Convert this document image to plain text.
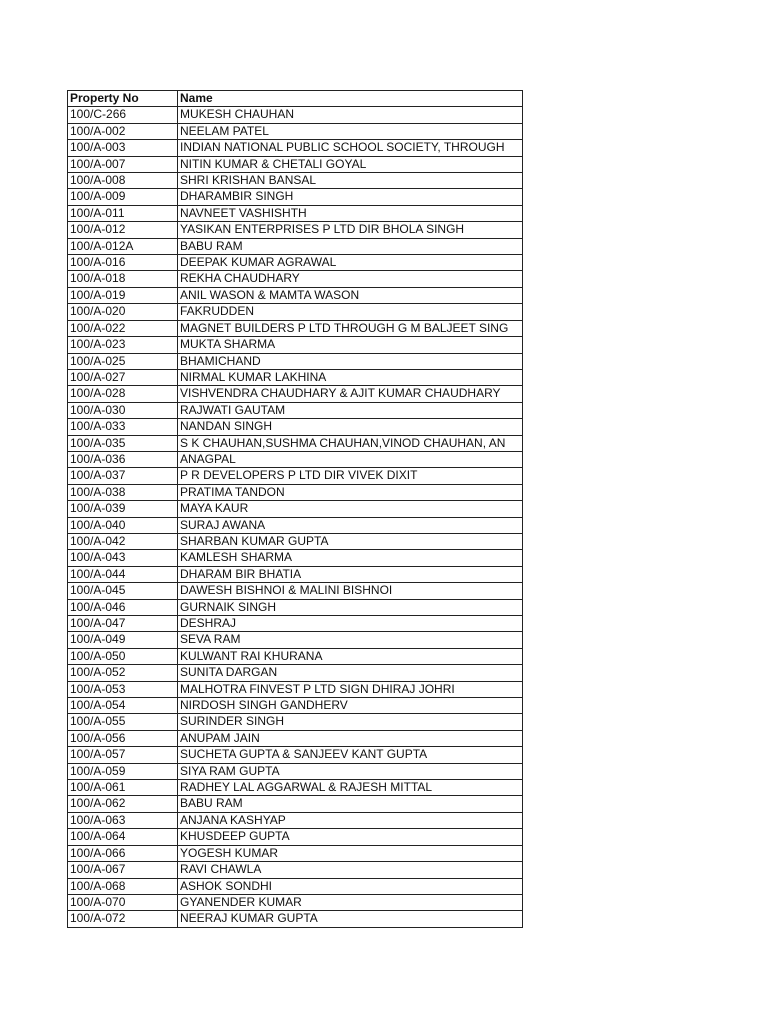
Property No	Name
100/C-266	MUKESH CHAUHAN
100/A-002	NEELAM PATEL
100/A-003	INDIAN NATIONAL PUBLIC SCHOOL SOCIETY, THROUGH
100/A-007	NITIN KUMAR & CHETALI GOYAL
100/A-008	SHRI KRISHAN BANSAL
100/A-009	DHARAMBIR SINGH
100/A-011	NAVNEET VASHISHTH
100/A-012	YASIKAN ENTERPRISES P LTD DIR BHOLA SINGH
100/A-012A	BABU RAM
100/A-016	DEEPAK KUMAR AGRAWAL
100/A-018	REKHA CHAUDHARY
100/A-019	ANIL WASON & MAMTA WASON
100/A-020	FAKRUDDEN
100/A-022	MAGNET BUILDERS P LTD THROUGH G M BALJEET SING
100/A-023	MUKTA SHARMA
100/A-025	BHAMICHAND
100/A-027	NIRMAL KUMAR LAKHINA
100/A-028	VISHVENDRA CHAUDHARY & AJIT KUMAR CHAUDHARY
100/A-030	RAJWATI GAUTAM
100/A-033	NANDAN SINGH
100/A-035	S K CHAUHAN,SUSHMA CHAUHAN,VINOD CHAUHAN, AN
100/A-036	ANAGPAL
100/A-037	P R DEVELOPERS P LTD DIR VIVEK DIXIT
100/A-038	PRATIMA TANDON
100/A-039	MAYA KAUR
100/A-040	SURAJ AWANA
100/A-042	SHARBAN KUMAR GUPTA
100/A-043	KAMLESH SHARMA
100/A-044	DHARAM BIR BHATIA
100/A-045	DAWESH BISHNOI & MALINI BISHNOI
100/A-046	GURNAIK SINGH
100/A-047	DESHRAJ
100/A-049	SEVA RAM
100/A-050	KULWANT RAI KHURANA
100/A-052	SUNITA DARGAN
100/A-053	MALHOTRA FINVEST P LTD SIGN DHIRAJ JOHRI
100/A-054	NIRDOSH SINGH GANDHERV
100/A-055	SURINDER SINGH
100/A-056	ANUPAM JAIN
100/A-057	SUCHETA GUPTA & SANJEEV KANT GUPTA
100/A-059	SIYA RAM GUPTA
100/A-061	RADHEY LAL AGGARWAL & RAJESH MITTAL
100/A-062	BABU RAM
100/A-063	ANJANA KASHYAP
100/A-064	KHUSDEEP GUPTA
100/A-066	YOGESH KUMAR
100/A-067	RAVI CHAWLA
100/A-068	ASHOK SONDHI
100/A-070	GYANENDER KUMAR
100/A-072	NEERAJ KUMAR GUPTA
